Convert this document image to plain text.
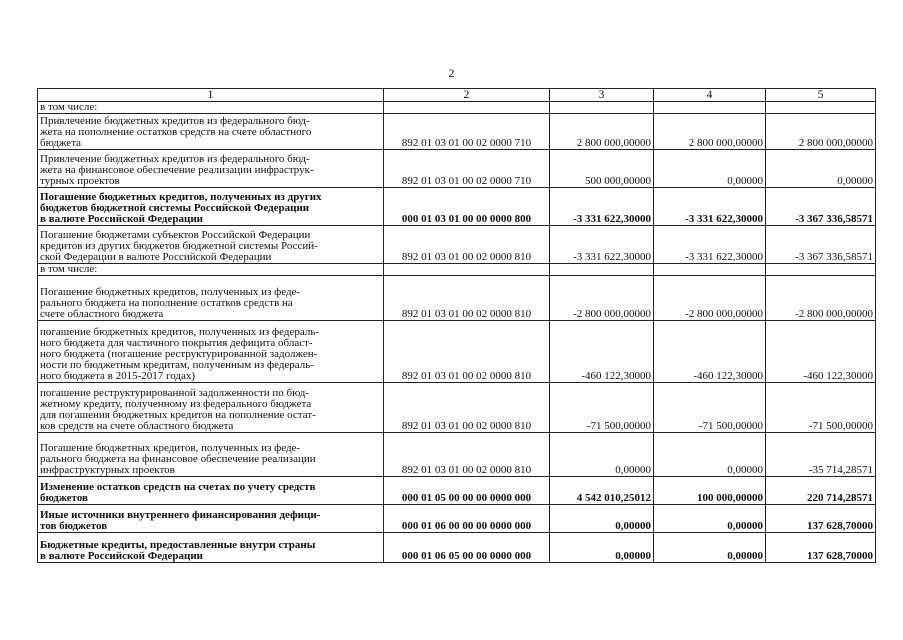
2
1	2	3	4	5
в том числе:				
Привлечение бюджетных кредитов из федерального бюд-
жета на пополнение остатков средств на счете областного
бюджета	892 01 03 01 00 02 0000 710	2 800 000,00000	2 800 000,00000	2 800 000,00000
Привлечение бюджетных кредитов из федерального бюд-
жета на финансовое обеспечение реализации инфраструк-
турных проектов	892 01 03 01 00 02 0000 710	500 000,00000	0,00000	0,00000
Погашение бюджетных кредитов, полученных из других
бюджетов бюджетной системы Российской Федерации
в валюте Российской Федерации	000 01 03 01 00 00 0000 800	-3 331 622,30000	-3 331 622,30000	-3 367 336,58571
Погашение бюджетами субъектов Российской Федерации
кредитов из других бюджетов бюджетной системы Россий-
ской Федерации в валюте Российской Федерации	892 01 03 01 00 02 0000 810	-3 331 622,30000	-3 331 622,30000	-3 367 336,58571
в том числе:				
Погашение бюджетных кредитов, полученных из феде-
рального бюджета на пополнение остатков средств на
счете областного бюджета	892 01 03 01 00 02 0000 810	-2 800 000,00000	-2 800 000,00000	-2 800 000,00000
погашение бюджетных кредитов, полученных из федераль-
ного бюджета для частичного покрытия дефицита област-
ного бюджета (погашение реструктурированной задолжен-
ности по бюджетным кредитам, полученным из федераль-
ного бюджета в 2015-2017 годах)	892 01 03 01 00 02 0000 810	-460 122,30000	-460 122,30000	-460 122,30000
погашение реструктурированной задолженности по бюд-
жетному кредиту, полученному из федерального бюджета
для погашения бюджетных кредитов на пополнение остат-
ков средств на счете областного бюджета	892 01 03 01 00 02 0000 810	-71 500,00000	-71 500,00000	-71 500,00000
Погашение бюджетных кредитов, полученных из феде-
рального бюджета на финансовое обеспечение реализации
инфраструктурных проектов	892 01 03 01 00 02 0000 810	0,00000	0,00000	-35 714,28571
Изменение остатков средств на счетах по учету средств
бюджетов	000 01 05 00 00 00 0000 000	4 542 010,25012	100 000,00000	220 714,28571
Иные источники внутреннего финансирования дефици-
тов бюджетов	000 01 06 00 00 00 0000 000	0,00000	0,00000	137 628,70000
Бюджетные кредиты, предоставленные внутри страны
в валюте Российской Федерации	000 01 06 05 00 00 0000 000	0,00000	0,00000	137 628,70000
